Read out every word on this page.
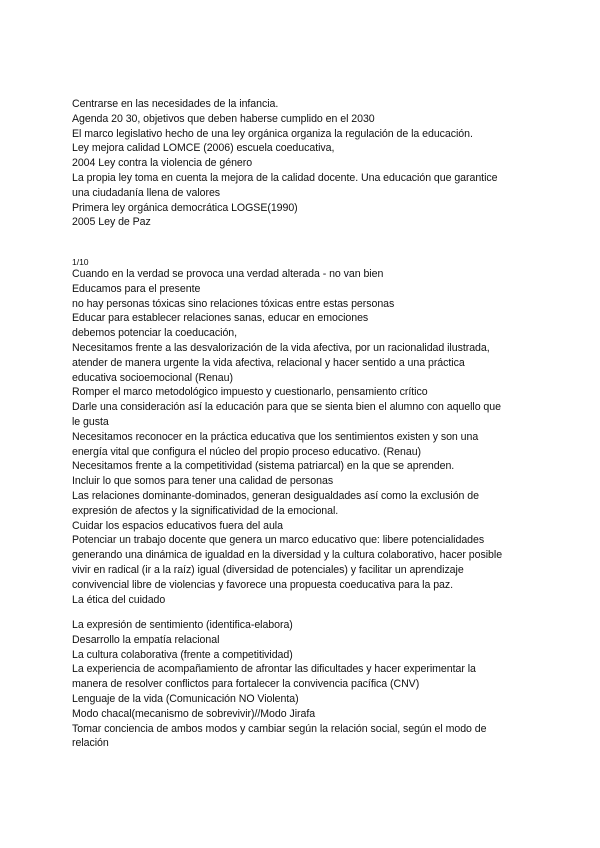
Centrarse en las necesidades de la infancia.
Agenda 20 30, objetivos que deben haberse cumplido en el 2030
El marco legislativo hecho de una ley orgánica organiza la regulación de la educación.
Ley mejora calidad LOMCE (2006) escuela coeducativa,
2004 Ley contra la violencia de género
La propia ley toma en cuenta la mejora de la calidad docente. Una educación que garantice
una ciudadanía llena de valores
Primera ley orgánica democrática LOGSE(1990)
2005 Ley de Paz
1/10
Cuando en la verdad se provoca una verdad alterada - no van bien
Educamos para el presente
no hay personas tóxicas sino relaciones tóxicas entre estas personas
Educar para establecer relaciones sanas, educar en emociones
debemos potenciar la coeducación,
Necesitamos frente a las desvalorización de la vida afectiva, por un racionalidad ilustrada,
atender de manera urgente la vida afectiva, relacional y hacer sentido a una práctica
educativa socioemocional (Renau)
Romper el marco metodológico impuesto y cuestionarlo, pensamiento crítico
Darle una consideración así la educación para que se sienta bien el alumno con aquello que
le gusta
Necesitamos reconocer en la práctica educativa que los sentimientos existen y son una
energía vital que configura el núcleo del propio proceso educativo. (Renau)
Necesitamos frente a la competitividad (sistema patriarcal) en la que se aprenden.
Incluir lo que somos para tener una calidad de personas
Las relaciones dominante-dominados, generan desigualdades así como la exclusión de
expresión de afectos y la significatividad de la emocional.
Cuidar los espacios educativos fuera del aula
Potenciar un trabajo docente que genera un marco educativo que: libere potencialidades
generando una dinámica de igualdad en la diversidad y la cultura colaborativo, hacer posible
vivir en radical (ir a la raíz) igual (diversidad de potenciales) y facilitar un aprendizaje
convivencial libre de violencias y favorece una propuesta coeducativa para la paz.
La ética del cuidado
La expresión de sentimiento (identifica-elabora)
Desarrollo la empatía relacional
La cultura colaborativa (frente a competitividad)
La experiencia de acompañamiento de afrontar las dificultades y hacer experimentar la
manera de resolver conflictos para fortalecer la convivencia pacífica (CNV)
Lenguaje de la vida (Comunicación NO Violenta)
Modo chacal(mecanismo de sobrevivir)//Modo Jirafa
Tomar conciencia de ambos modos y cambiar según la relación social, según el modo de
relación
